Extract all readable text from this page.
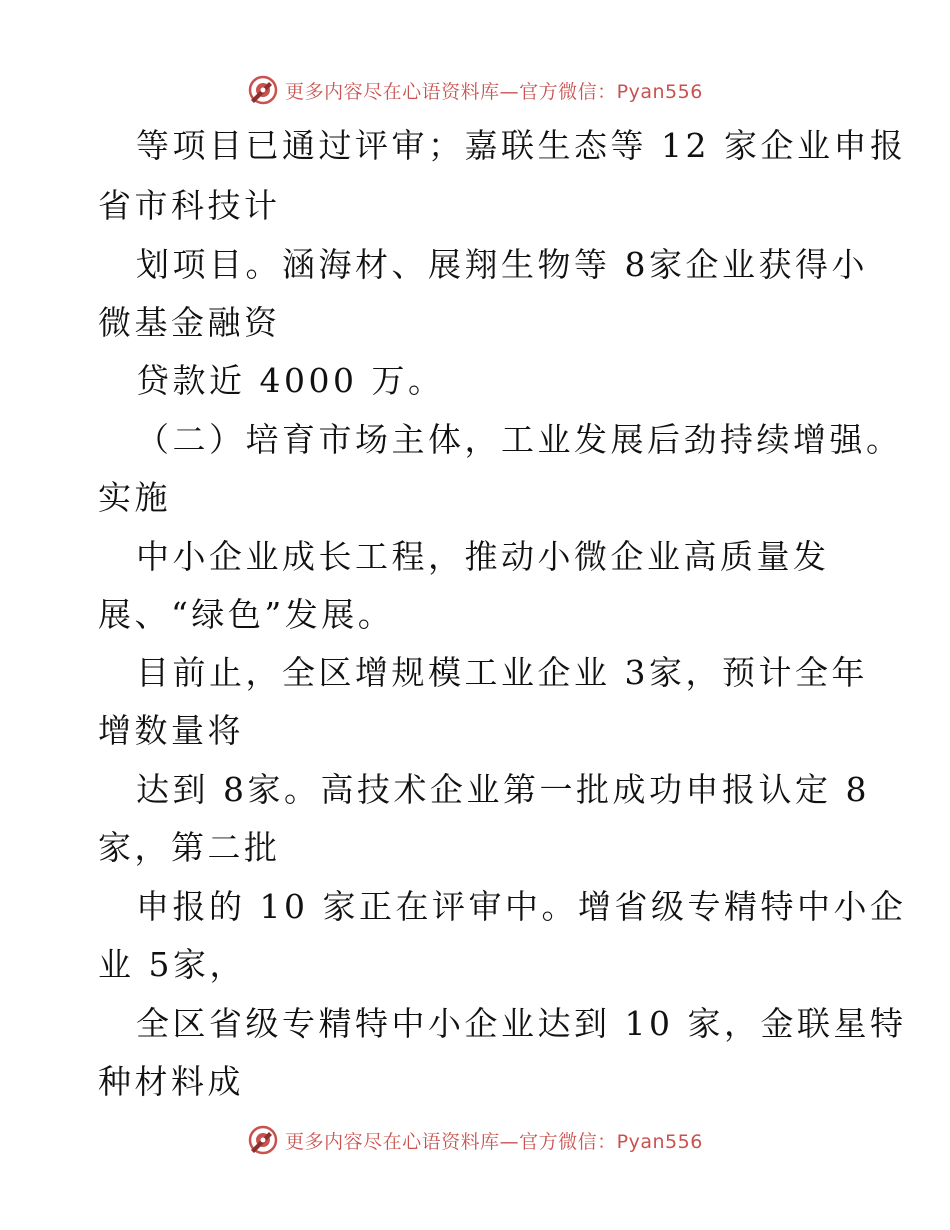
更多内容尽在心语资料库—官方微信：Pyan556
等项目已通过评审；嘉联生态等 12 家企业申报
省市科技计
划项目。涵海材、展翔生物等 8家企业获得小
微基金融资
贷款近 4000 万。
（二）培育市场主体，工业发展后劲持续增强。
实施
中小企业成长工程，推动小微企业高质量发
展、“绿色”发展。
目前止，全区增规模工业企业 3家，预计全年
增数量将
达到 8家。高技术企业第一批成功申报认定 8
家，第二批
申报的 10 家正在评审中。增省级专精特中小企
业 5家，
全区省级专精特中小企业达到 10 家，金联星特
种材料成
更多内容尽在心语资料库—官方微信：Pyan556
